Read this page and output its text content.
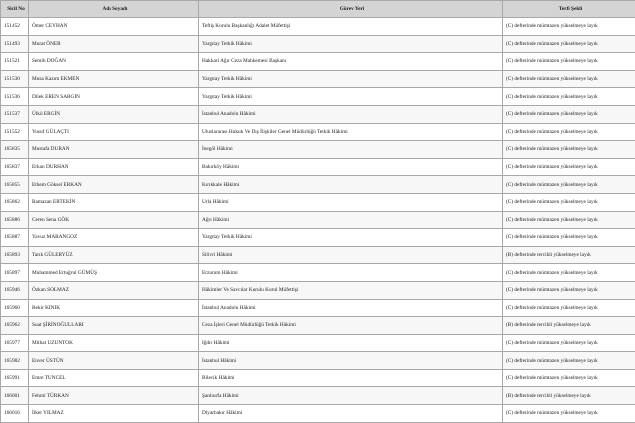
Sicil No	Adı Soyadı	Görev Yeri	Terfi Şekli
151452	Ömer CEYHAN	Teftiş Kurulu Başkanlığı Adalet Müfettişi	(C) defterinde mümtazen yükselmeye layık
151493	Murat ÖNER	Yargıtay Tetkik Hâkimi	(C) defterinde mümtazen yükselmeye layık
151521	Semih DOĞAN	Hakkari Ağır Ceza Mahkemesi Başkanı	(C) defterinde mümtazen yükselmeye layık
151530	Musa Kazım EKMEN	Yargıtay Tetkik Hâkimi	(C) defterinde mümtazen yükselmeye layık
151536	Dilek EREN SARGIN	Yargıtay Tetkik Hâkimi	(C) defterinde mümtazen yükselmeye layık
151537	Ülkü ERGİN	İstanbul Anadolu Hâkimi	(C) defterinde mümtazen yükselmeye layık
151552	Yusuf GÜLAÇTI	Uluslararası Hukuk Ve Dış İlişkiler Genel Müdürlüğü Tetkik Hâkimi	(C) defterinde mümtazen yükselmeye layık
165835	Mustafa DURAN	İnegöl Hâkimi	(C) defterinde mümtazen yükselmeye layık
165837	Erkan DURHAN	Bakırköy Hâkimi	(C) defterinde mümtazen yükselmeye layık
165855	Ethem Göksel ERKAN	Kırıkkale Hâkimi	(C) defterinde mümtazen yükselmeye layık
165862	Ramazan ERTEKİN	Urla Hâkimi	(C) defterinde mümtazen yükselmeye layık
165886	Ceren Sena GÖK	Ağrı Hâkimi	(C) defterinde mümtazen yükselmeye layık
165887	Yavuz MARANGOZ	Yargıtay Tetkik Hâkimi	(C) defterinde mümtazen yükselmeye layık
165893	Tarık GÜLERYÜZ	Silivri Hâkimi	(B) defterinde tercihli yükselmeye layık
165897	Muhammed Ertuğrul GÜMÜŞ	Erzurum Hâkimi	(C) defterinde mümtazen yükselmeye layık
165946	Özkan SOLMAZ	Hâkimler Ve Savcılar Kurulu Kurul Müfettişi	(C) defterinde mümtazen yükselmeye layık
165960	Bekir KINIK	İstanbul Anadolu Hâkimi	(C) defterinde mümtazen yükselmeye layık
165962	Suat ŞİRİNOĞULLARI	Ceza İşleri Genel Müdürlüğü Tetkik Hâkimi	(B) defterinde tercihli yükselmeye layık
165977	Mithat UZUNTOK	Iğdır Hâkimi	(C) defterinde mümtazen yükselmeye layık
165982	Enver ÜSTÜN	İstanbul Hâkimi	(C) defterinde mümtazen yükselmeye layık
165991	Emre TUNCEL	Bilecik Hâkimi	(C) defterinde mümtazen yükselmeye layık
166001	Fehmi TÜRKAN	Şanlıurfa Hâkimi	(B) defterinde tercihli yükselmeye layık
166016	İlker YILMAZ	Diyarbakır Hâkimi	(C) defterinde mümtazen yükselmeye layık
